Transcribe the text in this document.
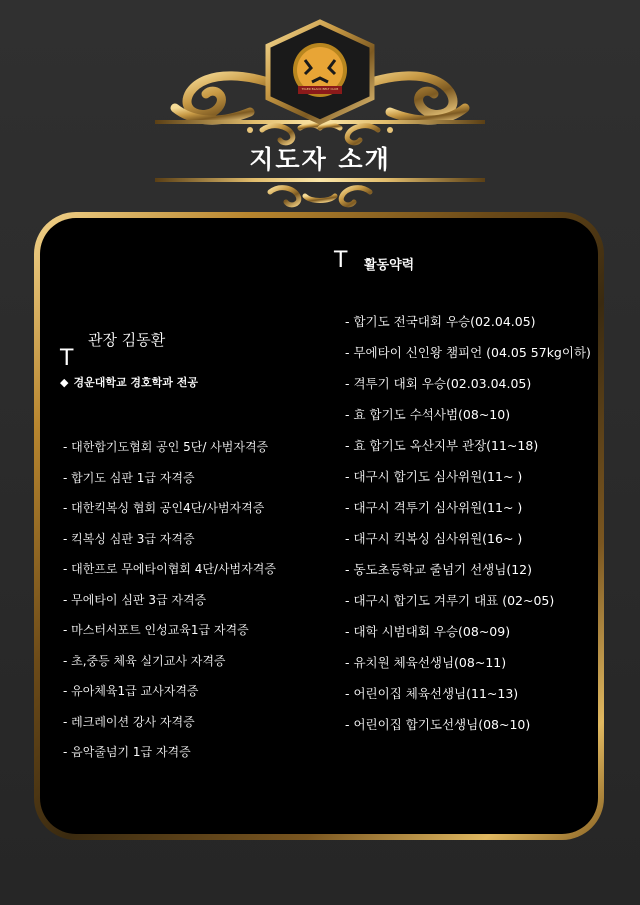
TIGER BLACK BELT CLUB
지도자 소개
T 활동약력
- 합기도 전국대회 우승(02.04.05)
- 무에타이 신인왕 챔피언 (04.05 57kg이하)
- 격투기 대회 우승(02.03.04.05)
- 효 합기도 수석사범(08~10)
- 효 합기도 옥산지부 관장(11~18)
- 대구시 합기도 심사위원(11~ )
- 대구시 격투기 심사위원(11~ )
- 대구시 킥복싱 심사위원(16~ )
- 동도초등학교 줄넘기 선생님(12)
- 대구시 합기도 겨루기 대표 (02~05)
- 대학 시범대회 우승(08~09)
- 유치원 체육선생님(08~11)
- 어린이집 체육선생님(11~13)
- 어린이집 합기도선생님(08~10)
관장 김동환
T
◆ 경운대학교 경호학과 전공
- 대한합기도협회 공인 5단/ 사범자격증
- 합기도 심판 1급 자격증
- 대한킥복싱 협회 공인4단/사범자격증
- 킥복싱 심판 3급 자격증
- 대한프로 무에타이협회 4단/사범자격증
- 무에타이 심판 3급 자격증
- 마스터서포트 인성교육1급 자격증
- 초,중등 체육 실기교사 자격증
- 유아체육1급 교사자격증
- 레크레이션 강사 자격증
- 음악줄넘기 1급 자격증
